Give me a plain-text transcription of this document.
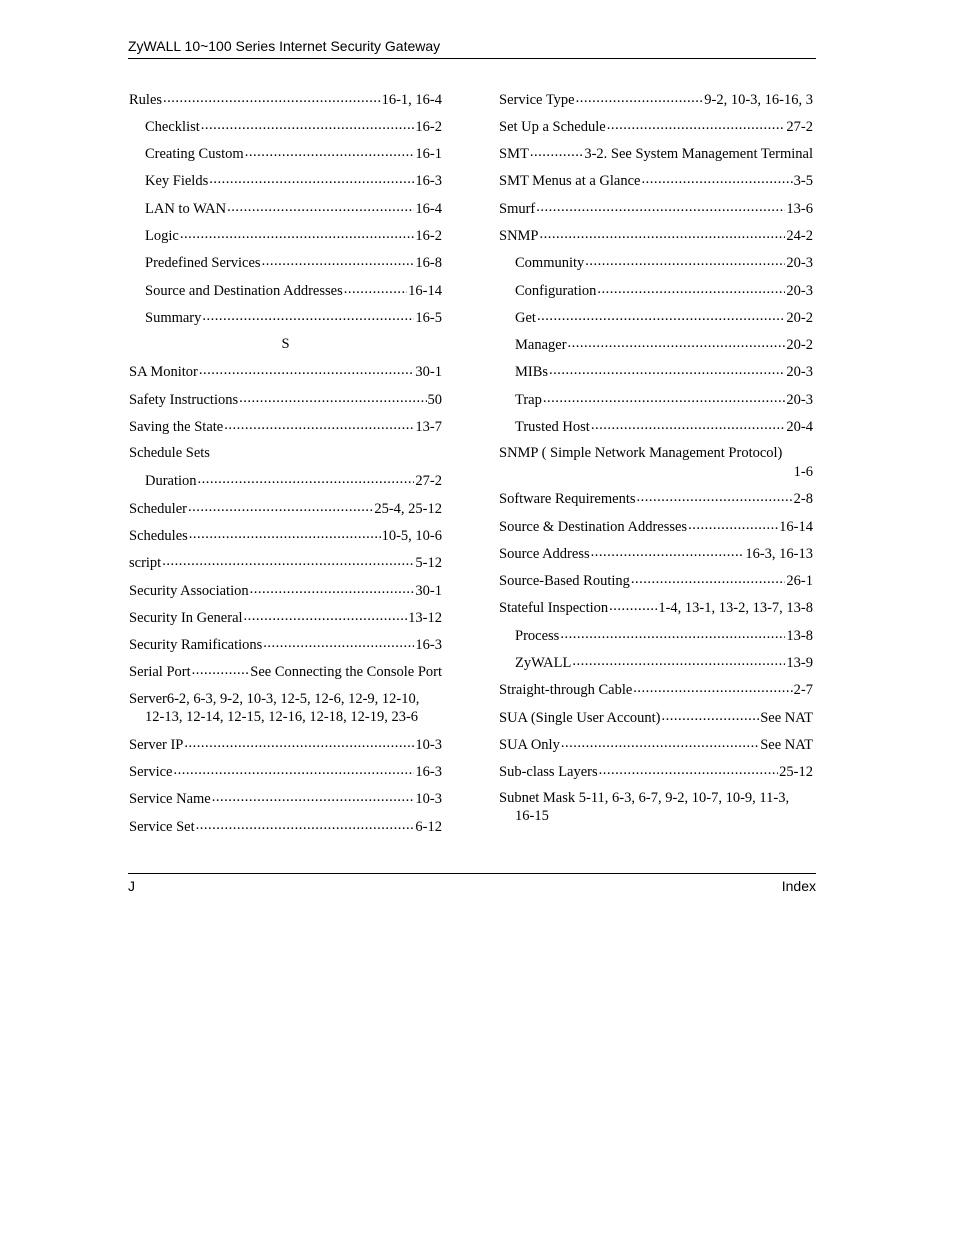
ZyWALL 10~100 Series Internet Security Gateway
Rules .....	16-1, 16-4
Checklist .....	16-2
Creating Custom .....	16-1
Key Fields .....	16-3
LAN to WAN .....	16-4
Logic .....	16-2
Predefined Services .....	16-8
Source and Destination Addresses .....	16-14
Summary .....	16-5
S
SA Monitor .....	30-1
Safety Instructions .....	50
Saving the State .....	13-7
Schedule Sets
Duration .....	27-2
Scheduler .....	25-4, 25-12
Schedules .....	10-5, 10-6
script .....	5-12
Security Association .....	30-1
Security In General .....	13-12
Security Ramifications .....	16-3
Serial Port .....	See Connecting the Console Port
Server6-2, 6-3, 9-2, 10-3, 12-5, 12-6, 12-9, 12-10,
12-13, 12-14, 12-15, 12-16, 12-18, 12-19, 23-6
Server IP .....	10-3
Service .....	16-3
Service Name .....	10-3
Service Set .....	6-12
Service Type .....	9-2, 10-3, 16-16, 3
Set Up a Schedule .....	27-2
SMT .....	3-2. See System Management Terminal
SMT Menus at a Glance .....	3-5
Smurf .....	13-6
SNMP .....	24-2
Community .....	20-3
Configuration .....	20-3
Get .....	20-2
Manager .....	20-2
MIBs .....	20-3
Trap .....	20-3
Trusted Host .....	20-4
SNMP ( Simple Network Management Protocol)
1-6
Software Requirements .....	2-8
Source & Destination Addresses .....	16-14
Source Address .....	16-3, 16-13
Source-Based Routing .....	26-1
Stateful Inspection .....	1-4, 13-1, 13-2, 13-7, 13-8
Process .....	13-8
ZyWALL .....	13-9
Straight-through Cable .....	2-7
SUA (Single User Account) .....	See NAT
SUA Only .....	See NAT
Sub-class Layers .....	25-12
Subnet Mask 5-11, 6-3, 6-7, 9-2, 10-7, 10-9, 11-3,
16-15
J	Index
